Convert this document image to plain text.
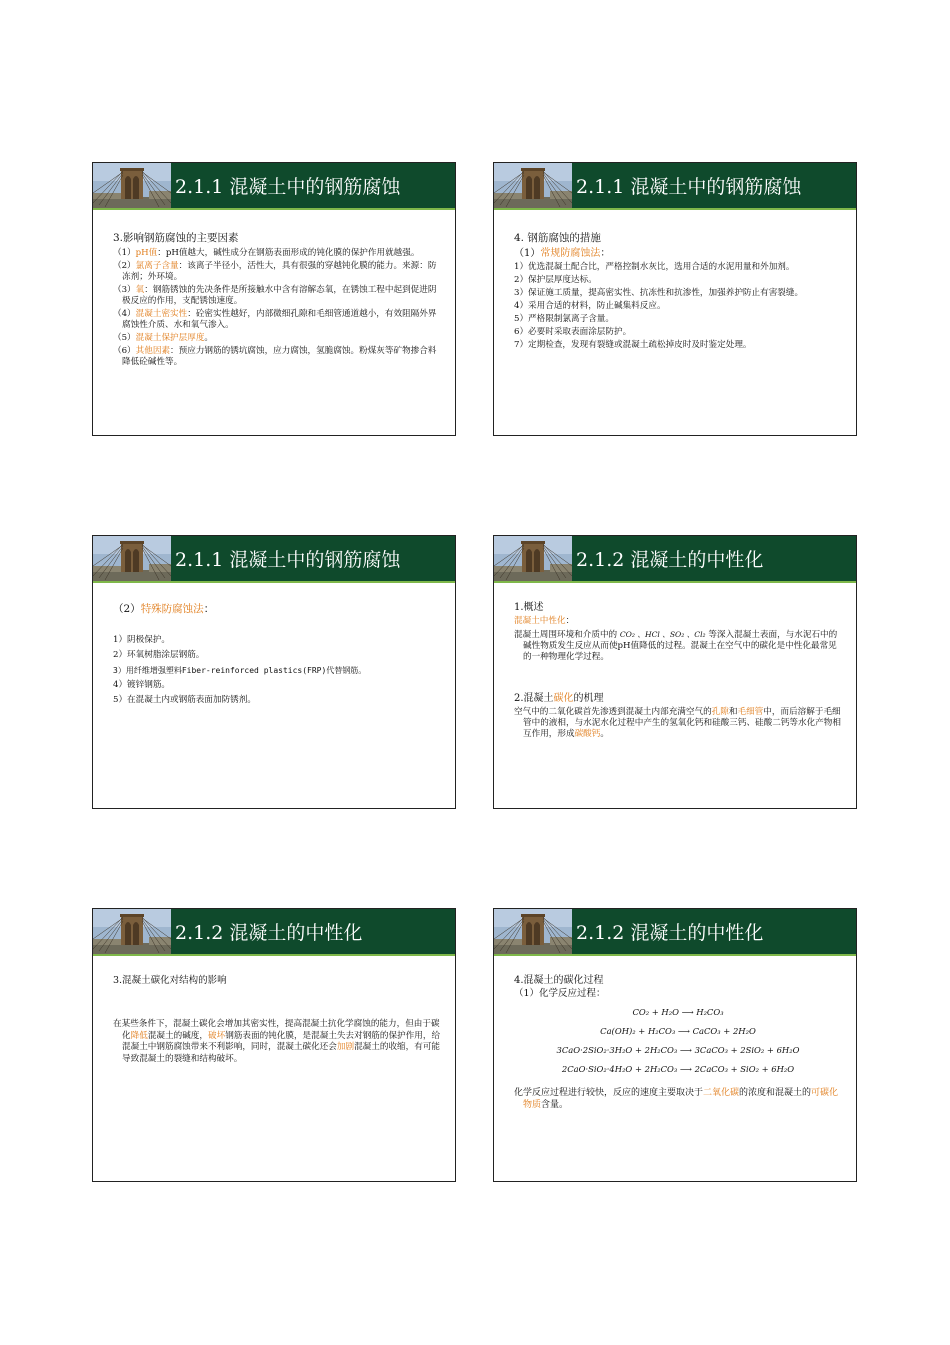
2.1.1 混凝土中的钢筋腐蚀
3.影响钢筋腐蚀的主要因素
（1）pH值：pH值越大，碱性成分在钢筋表面形成的钝化膜的保护作用就越强。
（2）氯离子含量：该离子半径小，活性大，具有很强的穿越钝化膜的能力。来源：防冻剂；外环境。
（3）氧：钢筋锈蚀的先决条件是所接触水中含有溶解态氧，在锈蚀工程中起到促进阴极反应的作用，支配锈蚀速度。
（4）混凝土密实性：砼密实性越好，内部微细孔隙和毛细管通道越小，有效阻隔外界腐蚀性介质、水和氧气渗入。
（5）混凝土保护层厚度。
（6）其他因素：预应力钢筋的锈坑腐蚀，应力腐蚀，氢脆腐蚀。粉煤灰等矿物掺合料降低砼碱性等。
2.1.1 混凝土中的钢筋腐蚀
4. 钢筋腐蚀的措施
（1）常规防腐蚀法：
1）优选混凝土配合比，严格控制水灰比，选用合适的水泥用量和外加剂。
2）保护层厚度达标。
3）保证施工质量，提高密实性、抗冻性和抗渗性，加强养护防止有害裂缝。
4）采用合适的材料，防止碱集料反应。
5）严格限制氯离子含量。
6）必要时采取表面涂层防护。
7）定期检查，发现有裂缝或混凝土疏松掉皮时及时鉴定处理。
2.1.1 混凝土中的钢筋腐蚀
（2）特殊防腐蚀法：
1）阴极保护。
2）环氧树脂涂层钢筋。
3）用纤维增强塑料Fiber-reinforced plastics(FRP)代替钢筋。
4）镀锌钢筋。
5）在混凝土内或钢筋表面加防锈剂。
2.1.2 混凝土的中性化
1.概述
混凝土中性化：
混凝土周围环境和介质中的 CO₂ 、HCl 、SO₂ 、Cl₂ 等深入混凝土表面，与水泥石中的碱性物质发生反应从而使pH值降低的过程。混凝土在空气中的碳化是中性化最常见的一种物理化学过程。
2.混凝土碳化的机理
空气中的二氧化碳首先渗透到混凝土内部充满空气的孔隙和毛细管中，而后溶解于毛细管中的液相，与水泥水化过程中产生的氢氧化钙和硅酸三钙、硅酸二钙等水化产物相互作用，形成碳酸钙。
2.1.2 混凝土的中性化
3.混凝土碳化对结构的影响
在某些条件下，混凝土碳化会增加其密实性，提高混凝土抗化学腐蚀的能力，但由于碳化降低混凝土的碱度，破坏钢筋表面的钝化膜，是混凝土失去对钢筋的保护作用，给混凝土中钢筋腐蚀带来不利影响，同时，混凝土碳化还会加剧混凝土的收缩，有可能导致混凝土的裂缝和结构破坏。
2.1.2 混凝土的中性化
4.混凝土的碳化过程
（1）化学反应过程：
CO₂ + H₂O ⟶ H₂CO₃
Ca(OH)₂ + H₂CO₃ ⟶ CaCO₃ + 2H₂O
3CaO·2SiO₂·3H₂O + 2H₂CO₃ ⟶ 3CaCO₃ + 2SiO₂ + 6H₂O
2CaO·SiO₂·4H₂O + 2H₂CO₃ ⟶ 2CaCO₃ + SiO₂ + 6H₂O
化学反应过程进行较快，反应的速度主要取决于二氧化碳的浓度和混凝土的可碳化物质含量。
